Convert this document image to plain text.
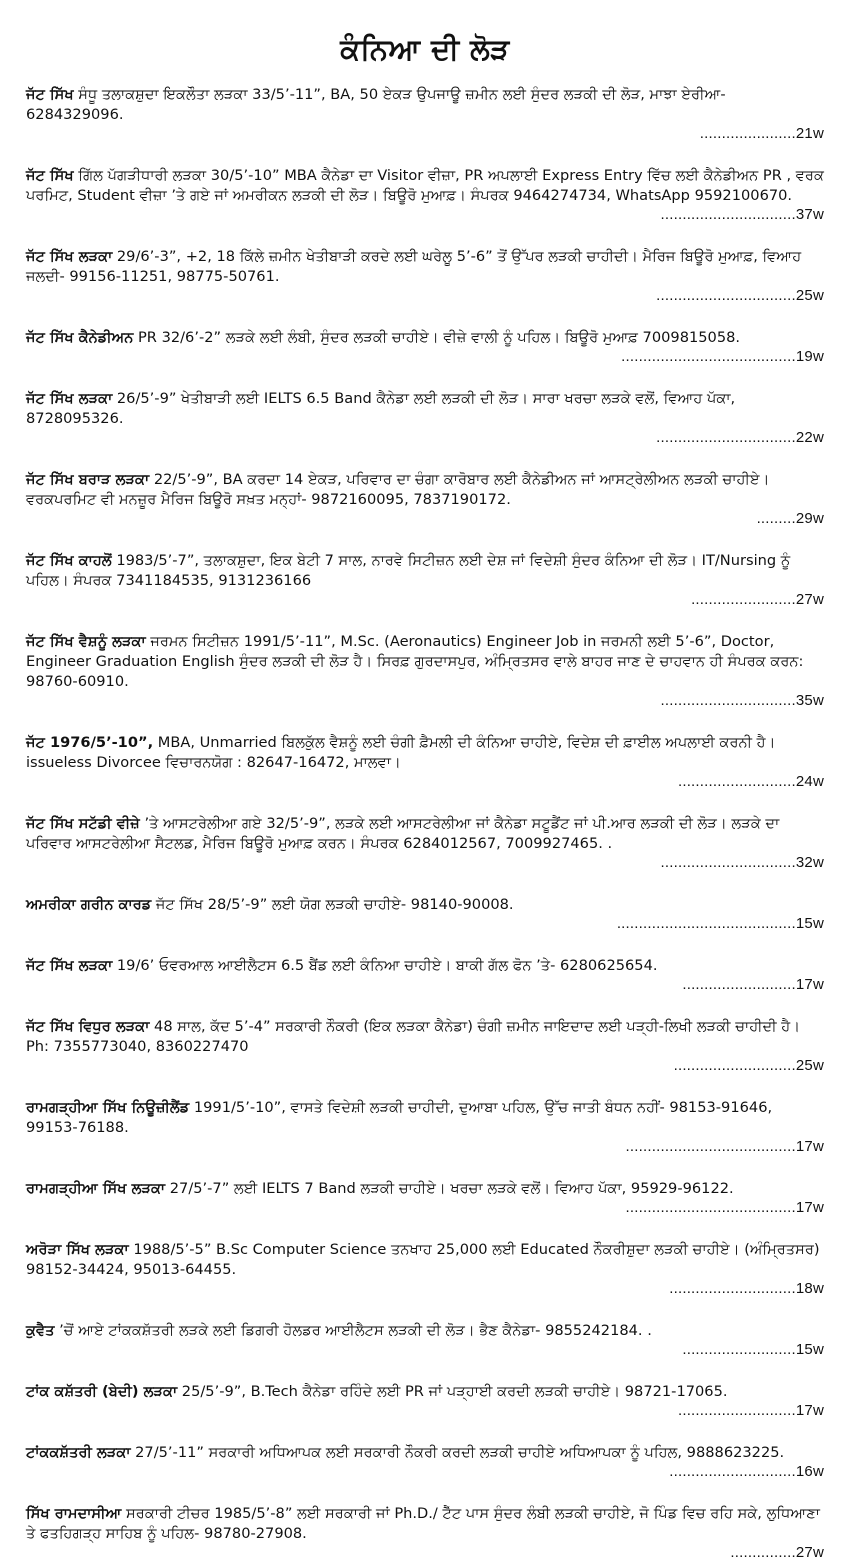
ਕੰਨਿਆ ਦੀ ਲੋੜ
ਜੱਟ ਸਿੱਖ ਸੰਧੂ ਤਲਾਕਸ਼ੁਦਾ ਇਕਲੌਤਾ ਲੜਕਾ 33/5’-11”, BA, 50 ਏਕੜ ਉਪਜਾਊ ਜ਼ਮੀਨ ਲਈ ਸੁੰਦਰ ਲੜਕੀ ਦੀ ਲੋੜ, ਮਾਝਾ ਏਰੀਆ- 6284329096.
......................21w
ਜੱਟ ਸਿੱਖ ਗਿੱਲ ਪੱਗੜੀਧਾਰੀ ਲੜਕਾ 30/5’-10” MBA ਕੈਨੇਡਾ ਦਾ Visitor ਵੀਜ਼ਾ, PR ਅਪਲਾਈ Express Entry ਵਿੱਚ ਲਈ ਕੈਨੇਡੀਅਨ PR , ਵਰਕ ਪਰਮਿਟ, Student ਵੀਜ਼ਾ ’ਤੇ ਗਏ ਜਾਂ ਅਮਰੀਕਨ ਲੜਕੀ ਦੀ ਲੋੜ। ਬਿਊਰੋ ਮੁਆਫ਼। ਸੰਪਰਕ 9464274734, WhatsApp 9592100670.
...............................37w
ਜੱਟ ਸਿੱਖ ਲੜਕਾ 29/6’-3”, +2, 18 ਕਿੱਲੇ ਜ਼ਮੀਨ ਖੇਤੀਬਾੜੀ ਕਰਦੇ ਲਈ ਘਰੇਲੂ 5’-6” ਤੋਂ ਉੱਪਰ ਲੜਕੀ ਚਾਹੀਦੀ। ਮੈਰਿਜ ਬਿਊਰੋ ਮੁਆਫ਼, ਵਿਆਹ ਜਲਦੀ- 99156-11251, 98775-50761.
................................25w
ਜੱਟ ਸਿੱਖ ਕੈਨੇਡੀਅਨ PR 32/6’-2” ਲੜਕੇ ਲਈ ਲੰਬੀ, ਸੁੰਦਰ ਲੜਕੀ ਚਾਹੀਏ। ਵੀਜ਼ੇ ਵਾਲੀ ਨੂੰ ਪਹਿਲ। ਬਿਊਰੋ ਮੁਆਫ਼ 7009815058.
........................................19w
ਜੱਟ ਸਿੱਖ ਲੜਕਾ 26/5’-9” ਖੇਤੀਬਾੜੀ ਲਈ IELTS 6.5 Band ਕੈਨੇਡਾ ਲਈ ਲੜਕੀ ਦੀ ਲੋੜ। ਸਾਰਾ ਖਰਚਾ ਲੜਕੇ ਵਲੋਂ, ਵਿਆਹ ਪੱਕਾ, 8728095326.
................................22w
ਜੱਟ ਸਿੱਖ ਬਰਾੜ ਲੜਕਾ 22/5’-9”, BA ਕਰਦਾ 14 ਏਕੜ, ਪਰਿਵਾਰ ਦਾ ਚੰਗਾ ਕਾਰੋਬਾਰ ਲਈ ਕੈਨੇਡੀਅਨ ਜਾਂ ਆਸਟ੍ਰੇਲੀਅਨ ਲੜਕੀ ਚਾਹੀਏ। ਵਰਕਪਰਮਿਟ ਵੀ ਮਨਜ਼ੂਰ ਮੈਰਿਜ ਬਿਊਰੋ ਸਖ਼ਤ ਮਨ੍ਹਾਂ- 9872160095, 7837190172.
.........29w
ਜੱਟ ਸਿੱਖ ਕਾਹਲੋਂ 1983/5’-7”, ਤਲਾਕਸ਼ੁਦਾ, ਇਕ ਬੇਟੀ 7 ਸਾਲ, ਨਾਰਵੇ ਸਿਟੀਜ਼ਨ ਲਈ ਦੇਸ਼ ਜਾਂ ਵਿਦੇਸ਼ੀ ਸੁੰਦਰ ਕੰਨਿਆ ਦੀ ਲੋੜ। IT/Nursing ਨੂੰ ਪਹਿਲ। ਸੰਪਰਕ 7341184535, 9131236166
........................27w
ਜੱਟ ਸਿੱਖ ਵੈਸ਼ਨੂੰ ਲੜਕਾ ਜਰਮਨ ਸਿਟੀਜ਼ਨ 1991/5’-11”, M.Sc. (Aeronautics) Engineer Job in ਜਰਮਨੀ ਲਈ 5’-6”, Doctor, Engineer Graduation English ਸੁੰਦਰ ਲੜਕੀ ਦੀ ਲੋੜ ਹੈ। ਸਿਰਫ਼ ਗੁਰਦਾਸਪੁਰ, ਅੰਮ੍ਰਿਤਸਰ ਵਾਲੇ ਬਾਹਰ ਜਾਣ ਦੇ ਚਾਹਵਾਨ ਹੀ ਸੰਪਰਕ ਕਰਨ: 98760-60910.
...............................35w
ਜੱਟ 1976/5’-10”, MBA, Unmarried ਬਿਲਕੁੱਲ ਵੈਸ਼ਨੂੰ ਲਈ ਚੰਗੀ ਫ਼ੈਮਲੀ ਦੀ ਕੰਨਿਆ ਚਾਹੀਏ, ਵਿਦੇਸ਼ ਦੀ ਫ਼ਾਈਲ ਅਪਲਾਈ ਕਰਨੀ ਹੈ। issueless Divorcee ਵਿਚਾਰਨਯੋਗ : 82647-16472, ਮਾਲਵਾ।
...........................24w
ਜੱਟ ਸਿੱਖ ਸਟੱਡੀ ਵੀਜ਼ੇ ’ਤੇ ਆਸਟਰੇਲੀਆ ਗਏ 32/5’-9”, ਲੜਕੇ ਲਈ ਆਸਟਰੇਲੀਆ ਜਾਂ ਕੈਨੇਡਾ ਸਟੂਡੈਂਟ ਜਾਂ ਪੀ.ਆਰ ਲੜਕੀ ਦੀ ਲੋੜ। ਲੜਕੇ ਦਾ ਪਰਿਵਾਰ ਆਸਟਰੇਲੀਆ ਸੈਟਲਡ, ਮੈਰਿਜ ਬਿਊਰੋ ਮੁਆਫ਼ ਕਰਨ। ਸੰਪਰਕ 6284012567, 7009927465. .
...............................32w
ਅਮਰੀਕਾ ਗਰੀਨ ਕਾਰਡ ਜੱਟ ਸਿੱਖ 28/5’-9” ਲਈ ਯੋਗ ਲੜਕੀ ਚਾਹੀਏ- 98140-90008.
.........................................15w
ਜੱਟ ਸਿੱਖ ਲੜਕਾ 19/6’ ਓਵਰਆਲ ਆਈਲੈਟਸ 6.5 ਬੈਂਡ ਲਈ ਕੰਨਿਆ ਚਾਹੀਏ। ਬਾਕੀ ਗੱਲ ਫੋਨ ’ਤੇ- 6280625654.
..........................17w
ਜੱਟ ਸਿੱਖ ਵਿਧੁਰ ਲੜਕਾ 48 ਸਾਲ, ਕੱਦ 5’-4” ਸਰਕਾਰੀ ਨੌਕਰੀ (ਇਕ ਲੜਕਾ ਕੈਨੇਡਾ) ਚੰਗੀ ਜ਼ਮੀਨ ਜਾਇਦਾਦ ਲਈ ਪੜ੍ਹੀ-ਲਿਖੀ ਲੜਕੀ ਚਾਹੀਦੀ ਹੈ। Ph: 7355773040, 8360227470
............................25w
ਰਾਮਗੜ੍ਹੀਆ ਸਿੱਖ ਨਿਊਜ਼ੀਲੈਂਡ 1991/5’-10”, ਵਾਸਤੇ ਵਿਦੇਸ਼ੀ ਲੜਕੀ ਚਾਹੀਦੀ, ਦੁਆਬਾ ਪਹਿਲ, ਉੱਚ ਜਾਤੀ ਬੰਧਨ ਨਹੀਂ- 98153-91646, 99153-76188.
.......................................17w
ਰਾਮਗੜ੍ਹੀਆ ਸਿੱਖ ਲੜਕਾ 27/5’-7” ਲਈ IELTS 7 Band ਲੜਕੀ ਚਾਹੀਏ। ਖਰਚਾ ਲੜਕੇ ਵਲੋਂ। ਵਿਆਹ ਪੱਕਾ, 95929-96122.
.......................................17w
ਅਰੋੜਾ ਸਿੱਖ ਲੜਕਾ 1988/5’-5” B.Sc Computer Science ਤਨਖਾਹ 25,000 ਲਈ Educated ਨੌਕਰੀਸ਼ੁਦਾ ਲੜਕੀ ਚਾਹੀਏ। (ਅੰਮ੍ਰਿਤਸਰ) 98152-34424, 95013-64455.
.............................18w
ਕੁਵੈਤ ’ਚੋਂ ਆਏ ਟਾਂਕਕਸ਼ੱਤਰੀ ਲੜਕੇ ਲਈ ਡਿਗਰੀ ਹੋਲਡਰ ਆਈਲੈਟਸ ਲੜਕੀ ਦੀ ਲੋੜ। ਭੈਣ ਕੈਨੇਡਾ- 9855242184. .
..........................15w
ਟਾਂਕ ਕਸ਼ੱਤਰੀ (ਬੇਦੀ) ਲੜਕਾ 25/5’-9”, B.Tech ਕੈਨੇਡਾ ਰਹਿੰਦੇ ਲਈ PR ਜਾਂ ਪੜ੍ਹਾਈ ਕਰਦੀ ਲੜਕੀ ਚਾਹੀਏ। 98721-17065.
...........................17w
ਟਾਂਕਕਸ਼ੱਤਰੀ ਲੜਕਾ 27/5’-11” ਸਰਕਾਰੀ ਅਧਿਆਪਕ ਲਈ ਸਰਕਾਰੀ ਨੌਕਰੀ ਕਰਦੀ ਲੜਕੀ ਚਾਹੀਏ ਅਧਿਆਪਕਾ ਨੂੰ ਪਹਿਲ, 9888623225.
.............................16w
ਸਿੱਖ ਰਾਮਦਾਸੀਆ ਸਰਕਾਰੀ ਟੀਚਰ 1985/5’-8” ਲਈ ਸਰਕਾਰੀ ਜਾਂ Ph.D./ ਟੈੱਟ ਪਾਸ ਸੁੰਦਰ ਲੰਬੀ ਲੜਕੀ ਚਾਹੀਏ, ਜੋ ਪਿੰਡ ਵਿਚ ਰਹਿ ਸਕੇ, ਲੁਧਿਆਣਾ ਤੇ ਫਤਹਿਗੜ੍ਹ ਸਾਹਿਬ ਨੂੰ ਪਹਿਲ- 98780-27908.
...............27w
